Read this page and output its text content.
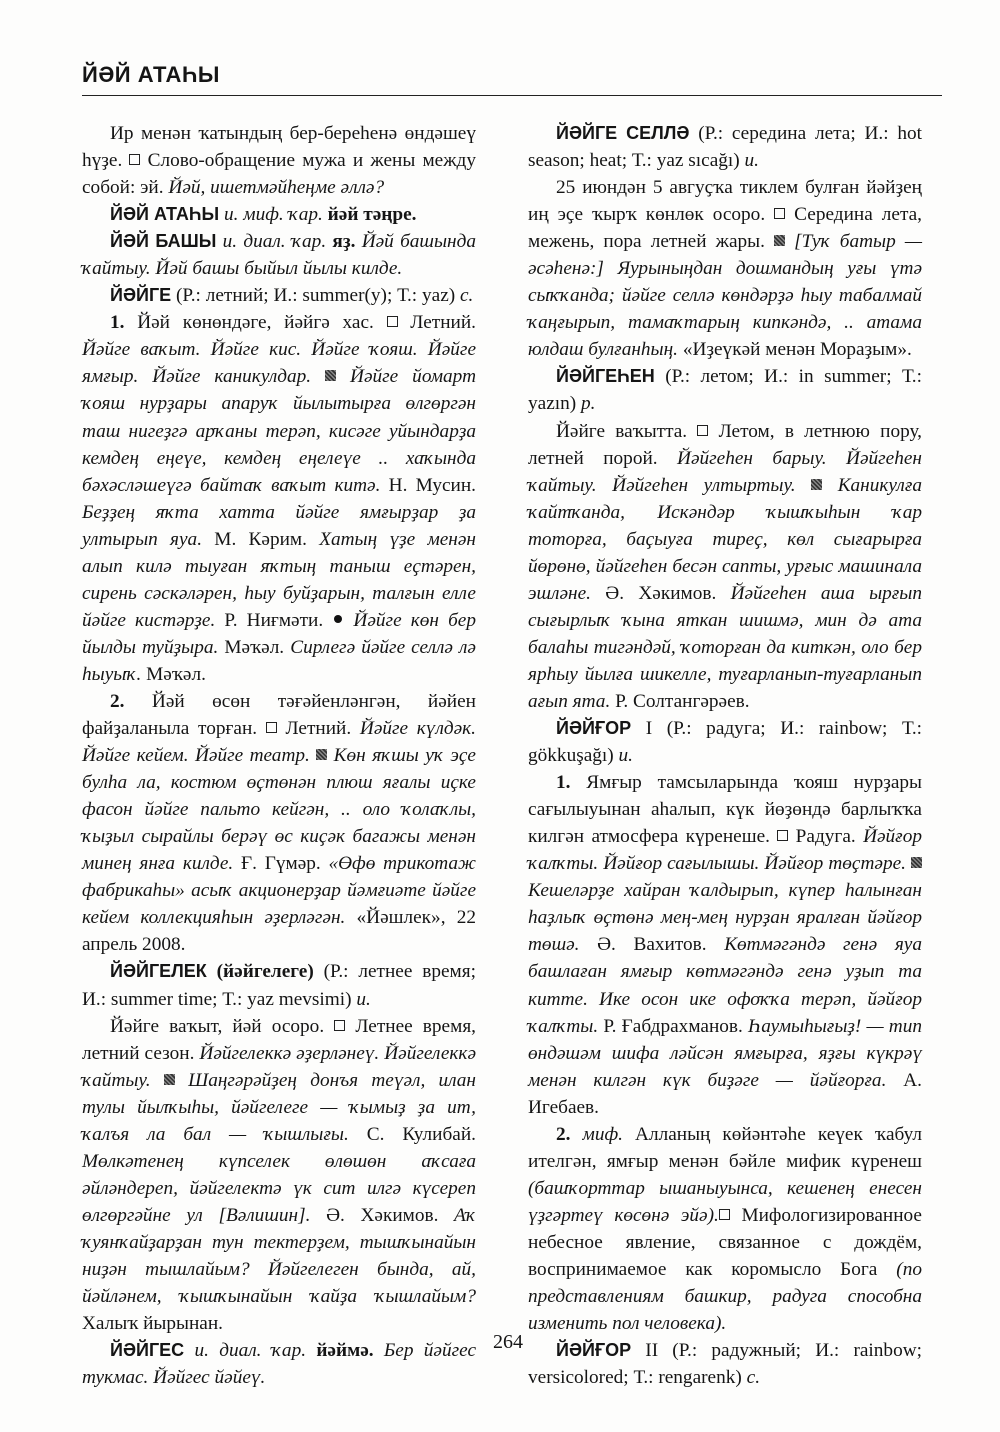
ЙӘЙ АТАҺЫ

Ир менән ҡатындың бер-береһенә өндәшеү һүҙе.  Слово-обращение мужа и жены между собой: эй. Йәй, ишетмәйһеңме әллә?

ЙӘЙ АТАҺЫ и. миф. ҡар. йәй тәңре.

ЙӘЙ БАШЫ и. диал. ҡар. яҙ. Йәй башында ҡайтыу. Йәй башы быйыл йылы килде.

ЙӘЙГЕ (Р.: летний; И.: summer(у); Т.: yaz) с.

1. Йәй көнөндәге, йәйгә хас.  Летний. Йәйге ваҡыт. Йәйге кис. Йәйге ҡояш. Йәйге ямғыр. Йәйге каникулдар.  Йәйге йомарт ҡояш нурҙары апаруҡ йылытырға өлгөргән таш нигеҙгә арҡаны терәп, кисәге уйындарҙа кемдең еңеүе, кемдең еңелеүе .. хаҡында бәхәсләшеүгә байтаҡ ваҡыт китә. Н. Мусин. Беҙҙең яҡта хатта йәйге ямғырҙар ҙа ултырып яуа. М. Кәрим. Хатың үҙе менән алып килә тыуған яҡтың таныш еҫтәрен, сирень сәскәләрен, һыу буйҙарын, талғын елле йәйге кистәрҙе. Р. Ниғмәти.  Йәйге көн бер йылды туйҙыра. Мәҡәл. Сирлегә йәйге селлә лә һыуыҡ. Мәҡәл.

2. Йәй өсөн тәғәйенләнгән, йәйен файҙаланыла торған.  Летний. Йәйге күлдәк. Йәйге кейем. Йәйге театр.  Көн яҡшы уҡ эҫе булһа ла, костюм өҫтөнән плюш яғалы иҫке фасон йәйге пальто кейгән, .. оло ҡолаҡлы, ҡыҙыл сырайлы берәү өс киҫәк багажы менән минең янға килде. Ғ. Гүмәр. «Өфө трикотаж фабрикаһы» асыҡ акционерҙар йәмғиәте йәйге кейем коллекцияһын әҙерләгән. «Йәшлек», 22 апрель 2008.

ЙӘЙГЕЛЕК (йәйгелеге) (Р.: летнее время; И.: summer time; Т.: yaz mevsimi) и.

Йәйге ваҡыт, йәй осоро.  Летнее время, летний сезон. Йәйгелеккә әҙерләнеү. Йәйгелеккә ҡайтыу.  Шаңгәрәйҙең донъя теүәл, илан тулы йылҡыһы, йәйгелеге — ҡымыҙ ҙа ит, ҡалъя ла бал — ҡышлығы. С. Кулибай. Мөлкәтенең күпселек өлөшөн аҡсаға әйләндереп, йәйгелектә үк сит илгә күсереп өлгөргәйне ул [Вәлишин]. Ә. Хәкимов. Аҡ ҡуянҡайҙарҙан тун тектерҙем, тышҡынайын ниҙән тышлайым? Йәйгелеген бында, ай, йәйләнем, ҡышҡынайын ҡайҙа ҡышлайым? Халыҡ йырынан.

ЙӘЙГЕС и. диал. ҡар. йәймә. Бер йәйгес тукмас. Йәйгес йәйеү.

ЙӘЙГЕ СЕЛЛӘ (Р.: середина лета; И.: hot season; heat; Т.: yaz sıcağı) и.

25 июндән 5 авгуҫҡа тиклем булған йәйҙең иң эҫе ҡырҡ көнлөк осоро.  Середина лета, межень, пора летней жары.  [Туҡ батыр — әсәһенә:] Яурыныңдан дошмандың уғы үтә сыҡҡанда; йәйге селлә көндәрҙә һыу табалмай ҡаңғырып, тамаҡтарың кипкәндә, .. атама юлдаш булғанһың. «Иҙеүкәй менән Мораҙым».

ЙӘЙГЕҺЕН (Р.: летом; И.: in summer; Т.: yazın) р.

Йәйге ваҡытта.  Летом, в летнюю пору, летней порой. Йәйгеһен барыу. Йәйгеһен ҡайтыу. Йәйгеһен ултыртыу.  Каникулға ҡайтҡанда, Искәндәр ҡышҡыһын ҡар тоторға, баҫыуға тиреҫ, көл сығарырға йөрөнө, йәйгеһен бесән сапты, урғыс машинала эшләне. Ә. Хәкимов. Йәйгеһен аша ырғып сығырлыҡ ҡына яткан шишмә, мин дә ата балаһы тигәндәй, ҡоторған да киткән, оло бер ярһыу йылға шикелле, туғарланып-туғарланып ағып ята. Р. Солтангәрәев.

ЙӘЙҒОР I (Р.: радуга; И.: rainbow; Т.: gökkuşağı) и.

1. Ямғыр тамсыларында ҡояш нурҙары сағылыуынан аһалып, күк йөҙөндә барлыҡҡа килгән атмосфера күренеше.  Радуга. Йәйғор ҡалҡты. Йәйғор сағылышы. Йәйғор төҫтәре.  Кешеләрҙе хайран ҡалдырып, күпер һалынған һаҙлыҡ өҫтөнә мең-мең нурҙан яралған йәйғор төшә. Ә. Вахитов. Көтмәгәндә генә яуа башлаған ямғыр көтмәгәндә генә уҙып та китте. Ике осон ике офоҡҡа терәп, йәйғор ҡалҡты. Р. Ғабдрахманов. Һаумыһығыҙ! — тип өндәшәм шифа ләйсән ямғырға, яҙғы күкрәү менән килгән күк биҙәге — йәйғорға. А. Игебаев.

2. миф. Алланың көйәнтәһе кеүек ҡабул ителгән, ямғыр менән бәйле мифик күренеш (башҡорттар ышаныуынса, кешенең енесен үҙгәртеү көсөнә эйә). Мифологизированное небесное явление, связанное с дождём, воспринимаемое как коромысло Бога (по представлениям башкир, радуга способна изменить пол человека).

ЙӘЙҒОР II (Р.: радужный; И.: rainbow; versicolored; Т.: rengarenk) с.

264
